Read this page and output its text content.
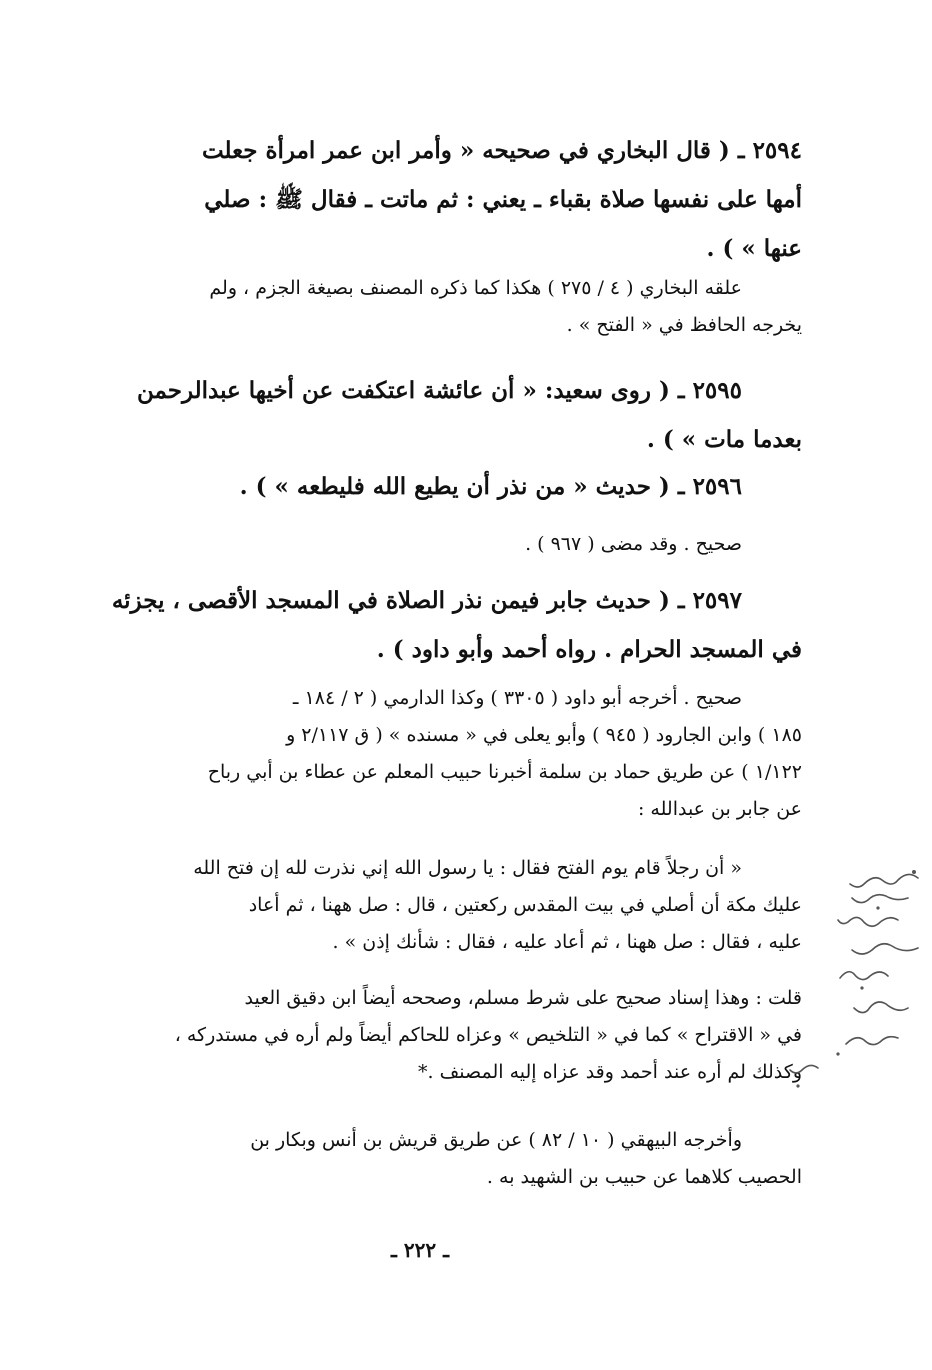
٢٥٩٤ ـ ( قال البخاري في صحيحه « وأمر ابن عمر امرأة جعلت
أمها على نفسها صلاة بقباء ـ يعني : ثم ماتت ـ فقال ﷺ : صلي
عنها » ) .
علقه البخاري ( ٤ / ٢٧٥ ) هكذا كما ذكره المصنف بصيغة الجزم ، ولم
يخرجه الحافظ في « الفتح » .
٢٥٩٥ ـ ( روى سعيد: « أن عائشة اعتكفت عن أخيها عبدالرحمن
بعدما مات » ) .
٢٥٩٦ ـ ( حديث « من نذر أن يطيع الله فليطعه » ) .
صحيح . وقد مضى ( ٩٦٧ ) .
٢٥٩٧ ـ ( حديث جابر فيمن نذر الصلاة في المسجد الأقصى ، يجزئه
في المسجد الحرام . رواه أحمد وأبو داود ) .
صحيح . أخرجه أبو داود ( ٣٣٠٥ ) وكذا الدارمي ( ٢ / ١٨٤ ـ
١٨٥ ) وابن الجارود ( ٩٤٥ ) وأبو يعلى في « مسنده » ( ق ٢/١١٧ و
١/١٢٢ ) عن طريق حماد بن سلمة أخبرنا حبيب المعلم عن عطاء بن أبي رباح
عن جابر بن عبدالله :
« أن رجلاً قام يوم الفتح فقال : يا رسول الله إني نذرت لله إن فتح الله
عليك مكة أن أصلي في بيت المقدس ركعتين ، قال : صل ههنا ، ثم أعاد
عليه ، فقال : صل ههنا ، ثم أعاد عليه ، فقال : شأنك إذن » .
قلت : وهذا إسناد صحيح على شرط مسلم، وصححه أيضاً ابن دقيق العيد
في « الاقتراح » كما في « التلخيص » وعزاه للحاكم أيضاً ولم أره في مستدركه ،
وكذلك لم أره عند أحمد وقد عزاه إليه المصنف .*
وأخرجه البيهقي ( ١٠ / ٨٢ ) عن طريق قريش بن أنس وبكار بن
الحصيب كلاهما عن حبيب بن الشهيد به .
ـ ٢٢٢ ـ
